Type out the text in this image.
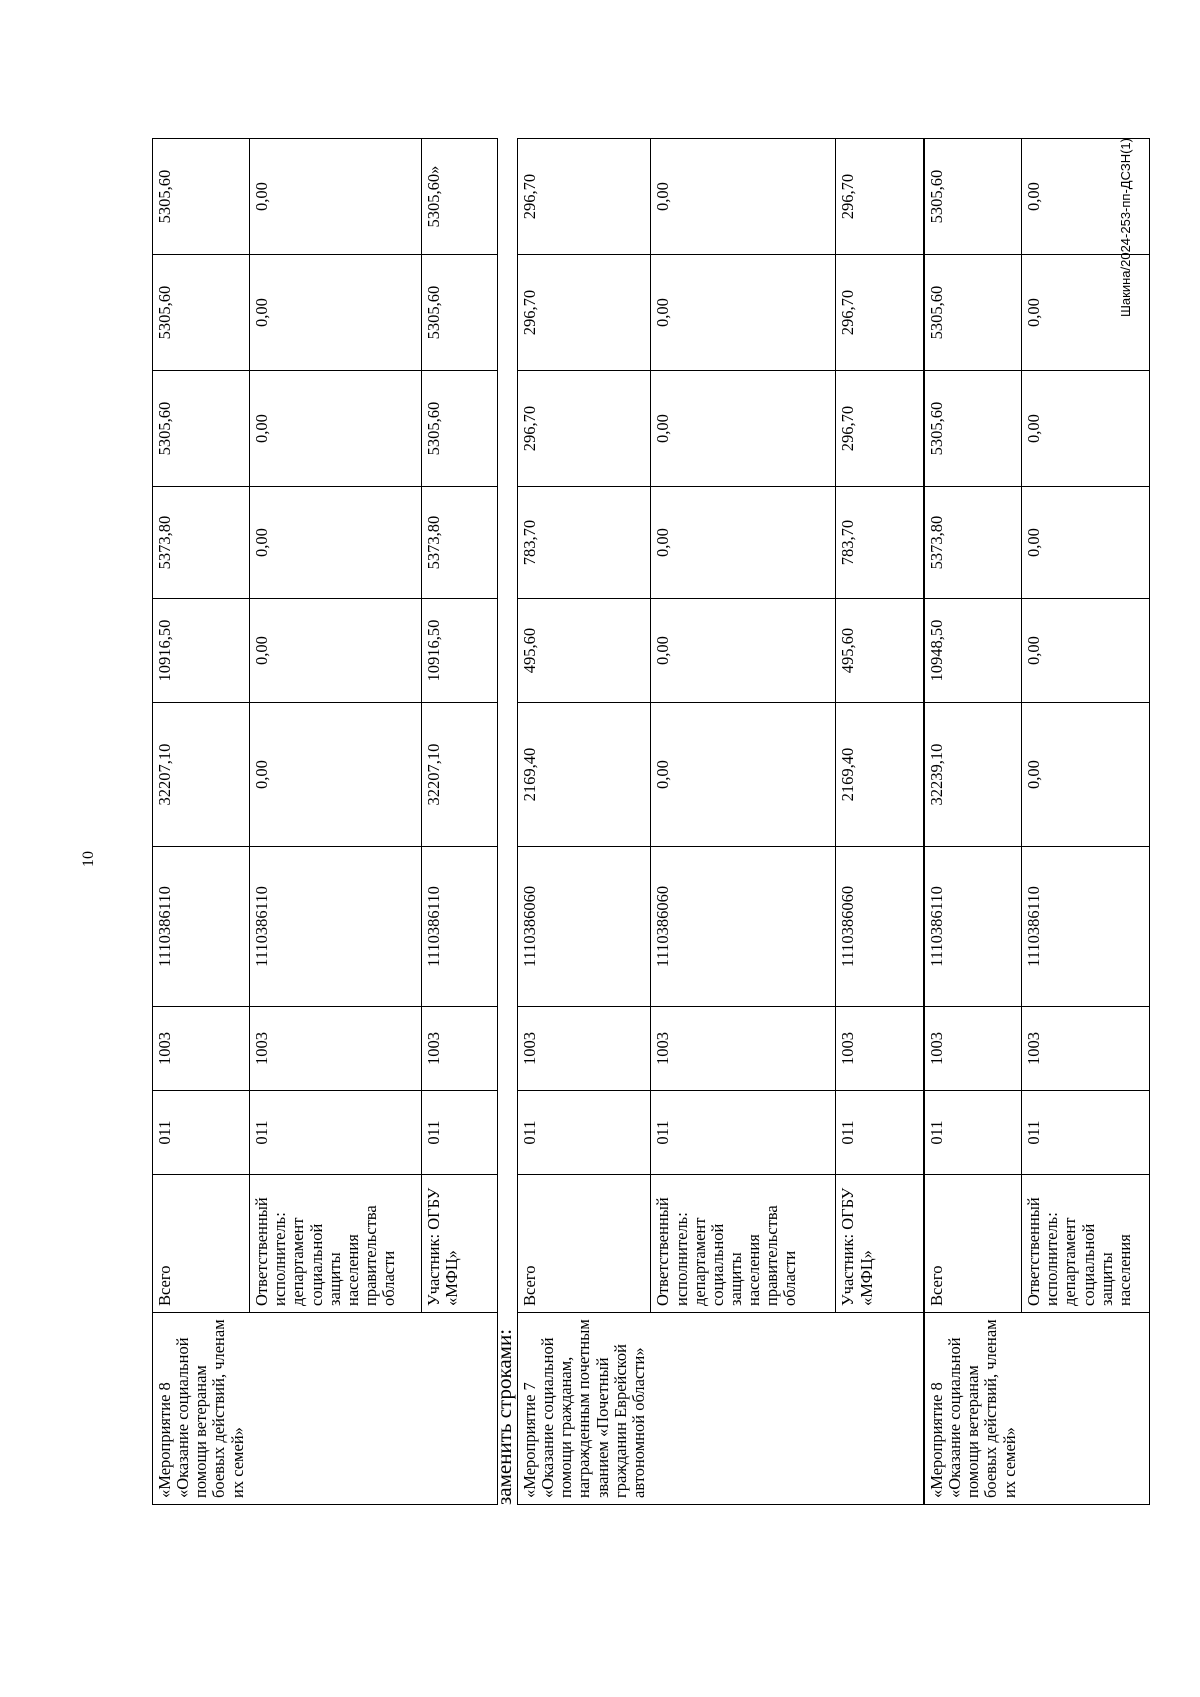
10
«Мероприятие 8
«Оказание социальной помощи ветеранам боевых действий, членам их семей»	Всего	011	1003	1110386110	32207,10	10916,50	5373,80	5305,60	5305,60	5305,60
	Ответственный исполнитель: департамент социальной защиты населения правительства области	011	1003	1110386110	0,00	0,00	0,00	0,00	0,00	0,00
	Участник: ОГБУ «МФЦ»	011	1003	1110386110	32207,10	10916,50	5373,80	5305,60	5305,60	5305,60»
заменить строками: «Мероприятие 7
«Оказание социальной помощи гражданам, награжденным почетным званием «Почетный гражданин Еврейской автономной области»	Всего	011	1003	1110386060	2169,40	495,60	783,70	296,70	296,70	296,70
	Ответственный исполнитель: департамент социальной защиты населения правительства области	011	1003	1110386060	0,00	0,00	0,00	0,00	0,00	0,00
	Участник: ОГБУ «МФЦ»	011	1003	1110386060	2169,40	495,60	783,70	296,70	296,70	296,70
«Мероприятие 8
«Оказание социальной помощи ветеранам боевых действий, членам их семей»	Всего	011	1003	1110386110	32239,10	10948,50	5373,80	5305,60	5305,60	5305,60
	Ответственный исполнитель: департамент социальной защиты населения	011	1003	1110386110	0,00	0,00	0,00	0,00	0,00	0,00	Шакина/2024-253-пп-ДСЗН(1)
